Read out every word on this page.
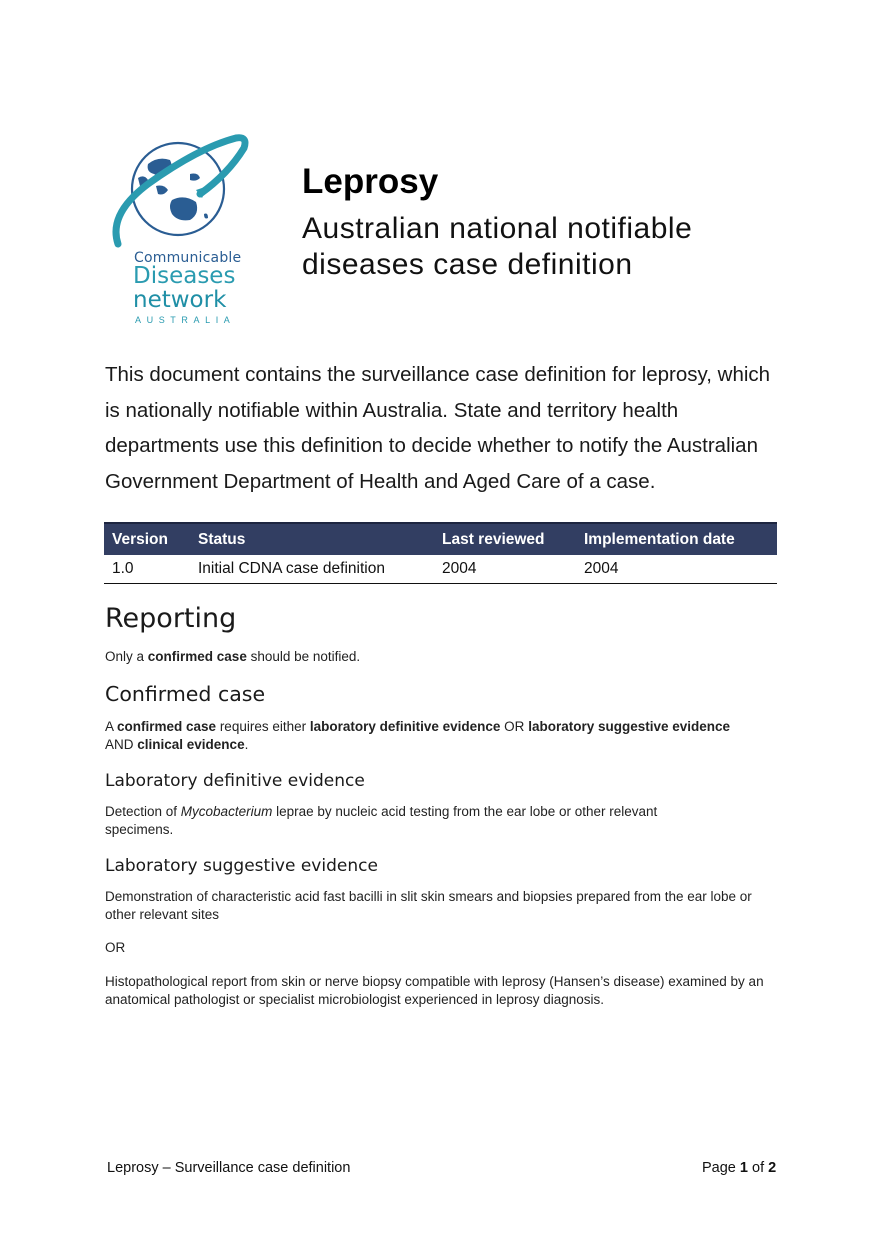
Communicable
Diseases
network
AUSTRALIA
Leprosy
Australian national notifiable diseases case definition
This document contains the surveillance case definition for leprosy, which is nationally notifiable within Australia. State and territory health departments use this definition to decide whether to notify the Australian Government Department of Health and Aged Care of a case.
Version	Status	Last reviewed	Implementation date
1.0	Initial CDNA case definition	2004	2004
Reporting
Only a confirmed case should be notified.
Confirmed case
A confirmed case requires either laboratory definitive evidence OR laboratory suggestive evidence AND clinical evidence.
Laboratory definitive evidence
Detection of Mycobacterium leprae by nucleic acid testing from the ear lobe or other relevant specimens.
Laboratory suggestive evidence
Demonstration of characteristic acid fast bacilli in slit skin smears and biopsies prepared from the ear lobe or other relevant sites
OR
Histopathological report from skin or nerve biopsy compatible with leprosy (Hansen’s disease) examined by an anatomical pathologist or specialist microbiologist experienced in leprosy diagnosis.
Leprosy – Surveillance case definition	Page 1 of 2
